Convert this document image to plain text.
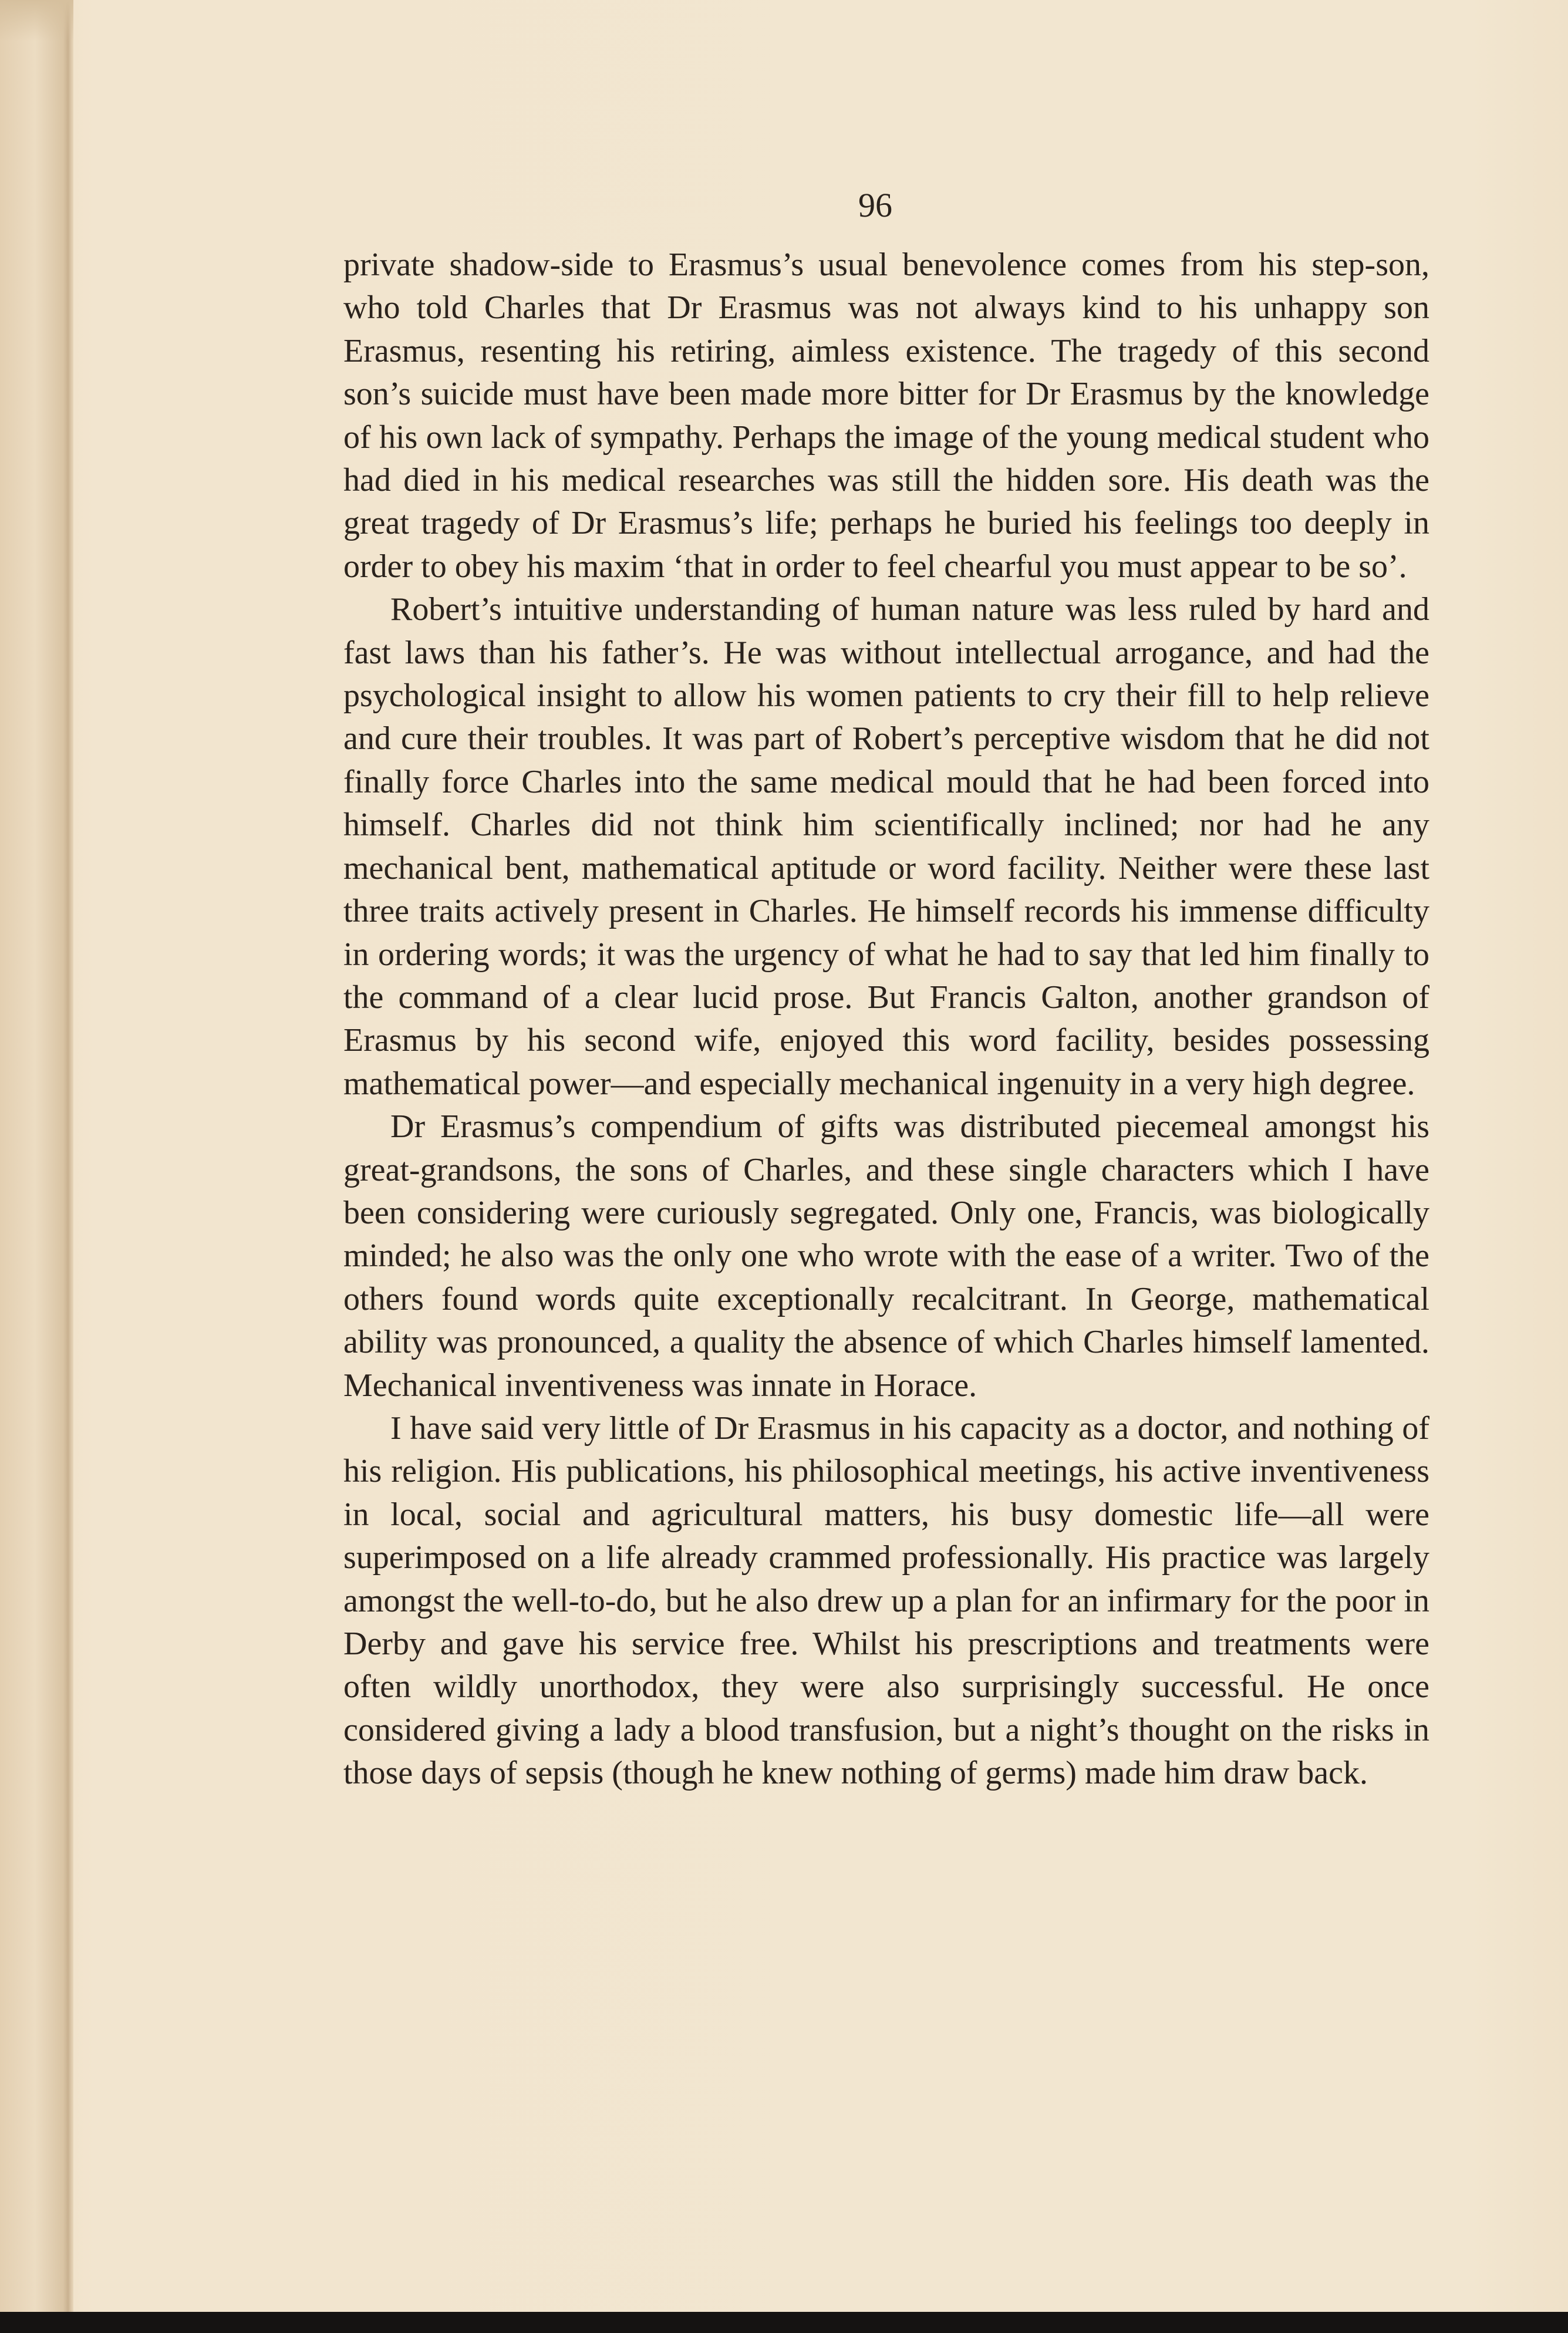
96

private shadow-side to Erasmus’s usual benevolence comes from his step-son, who told Charles that Dr Erasmus was not always kind to his unhappy son Erasmus, resenting his retiring, aimless existence. The tragedy of this second son’s suicide must have been made more bitter for Dr Erasmus by the knowledge of his own lack of sympathy. Perhaps the image of the young medical student who had died in his medical researches was still the hidden sore. His death was the great tragedy of Dr Erasmus’s life; perhaps he buried his feelings too deeply in order to obey his maxim ‘that in order to feel chearful you must appear to be so’.

Robert’s intuitive understanding of human nature was less ruled by hard and fast laws than his father’s. He was without intellectual arrogance, and had the psychological insight to allow his women patients to cry their fill to help relieve and cure their troubles. It was part of Robert’s perceptive wisdom that he did not finally force Charles into the same medical mould that he had been forced into himself. Charles did not think him scientifically inclined; nor had he any mechanical bent, mathematical aptitude or word facility. Neither were these last three traits actively present in Charles. He himself records his immense difficulty in ordering words; it was the urgency of what he had to say that led him finally to the command of a clear lucid prose. But Francis Galton, another grandson of Erasmus by his second wife, enjoyed this word facility, besides possessing mathematical power—and especially mechanical ingenuity in a very high degree.

Dr Erasmus’s compendium of gifts was distributed piecemeal amongst his great-grandsons, the sons of Charles, and these single characters which I have been considering were curiously segregated. Only one, Francis, was biologically minded; he also was the only one who wrote with the ease of a writer. Two of the others found words quite exceptionally recalcitrant. In George, mathematical ability was pronounced, a quality the absence of which Charles himself lamented. Mechanical inventiveness was innate in Horace.

I have said very little of Dr Erasmus in his capacity as a doctor, and nothing of his religion. His publications, his philosophical meetings, his active inventiveness in local, social and agricultural matters, his busy domestic life—all were superimposed on a life already crammed professionally. His practice was largely amongst the well-to-do, but he also drew up a plan for an infirmary for the poor in Derby and gave his service free. Whilst his prescriptions and treatments were often wildly unorthodox, they were also surprisingly successful. He once considered giving a lady a blood transfusion, but a night’s thought on the risks in those days of sepsis (though he knew nothing of germs) made him draw back.
